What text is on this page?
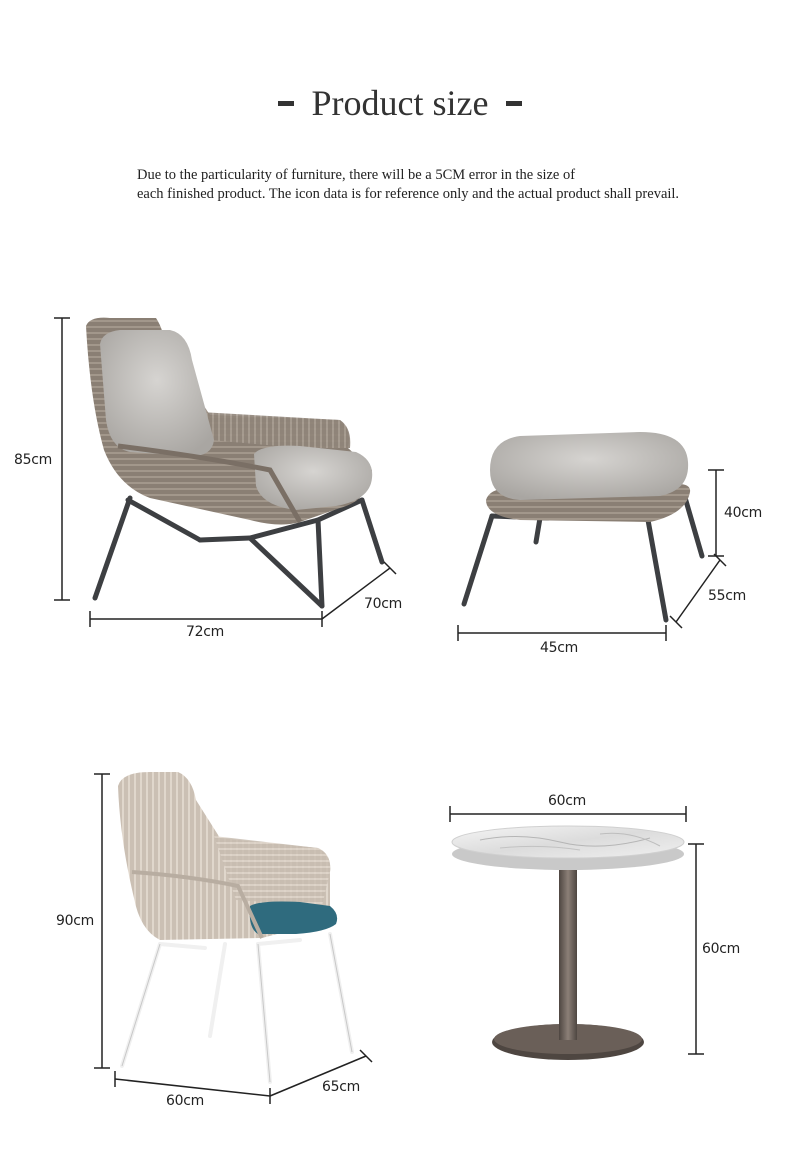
Product size
Due to the particularity of furniture, there will be a 5CM error in the size of
each finished product. The icon data is for reference only and the actual product shall prevail.
85cm
72cm
70cm
40cm
45cm
55cm
90cm
60cm
65cm
60cm
60cm
